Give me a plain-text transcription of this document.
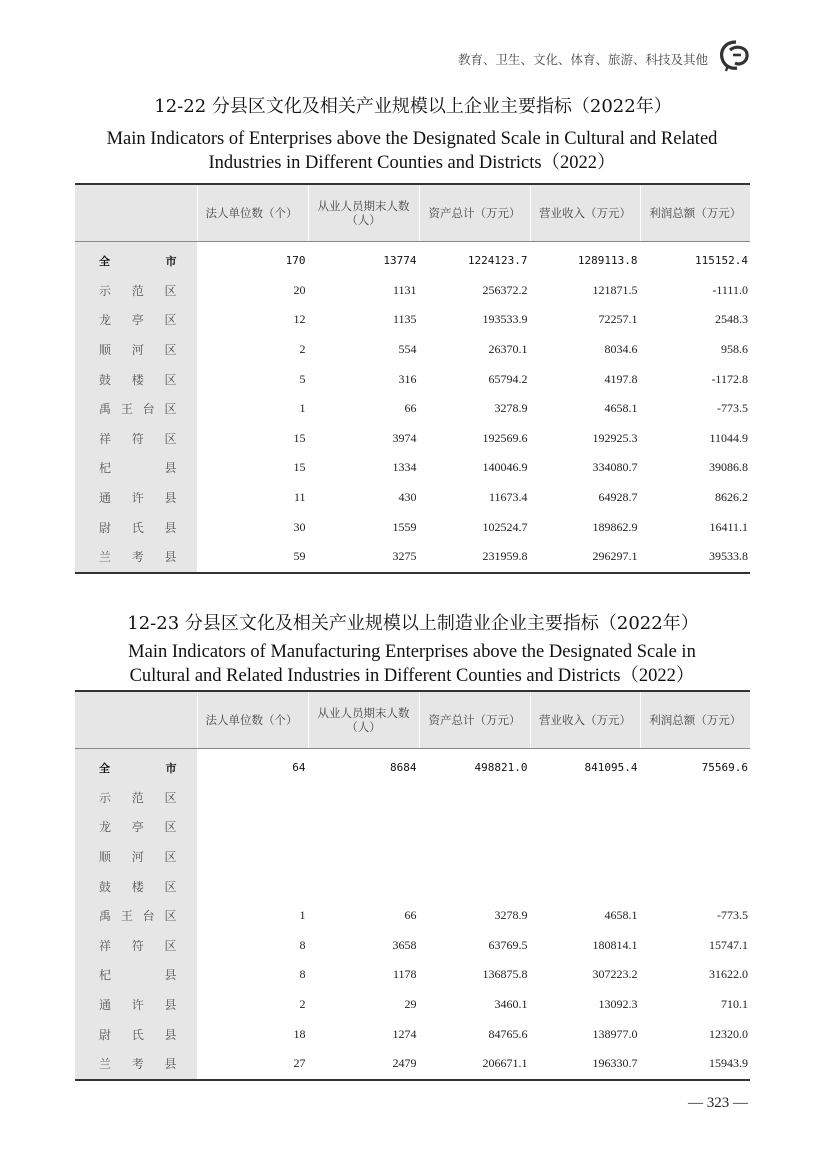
教育、卫生、文化、体育、旅游、科技及其他
12-22 分县区文化及相关产业规模以上企业主要指标（2022年）
Main Indicators of Enterprises above the Designated Scale in Cultural and Related
Industries in Different Counties and Districts（2022）
	法人单位数（个）	从业人员期末人数（人）	资产总计（万元）	营业收入（万元）	利润总额（万元）

全 市	170	13774	1224123.7	1289113.8	115152.4

示 范 区	20	1131	256372.2	121871.5	-1111.0

龙 亭 区	12	1135	193533.9	72257.1	2548.3

顺 河 区	2	554	26370.1	8034.6	958.6

鼓 楼 区	5	316	65794.2	4197.8	-1172.8

禹 王 台 区	1	66	3278.9	4658.1	-773.5

祥 符 区	15	3974	192569.6	192925.3	11044.9

杞 县	15	1334	140046.9	334080.7	39086.8

通 许 县	11	430	11673.4	64928.7	8626.2

尉 氏 县	30	1559	102524.7	189862.9	16411.1

兰 考 县	59	3275	231959.8	296297.1	39533.8
12-23 分县区文化及相关产业规模以上制造业企业主要指标（2022年）
Main Indicators of Manufacturing Enterprises above the Designated Scale in
Cultural and Related Industries in Different Counties and Districts（2022）
	法人单位数（个）	从业人员期末人数（人）	资产总计（万元）	营业收入（万元）	利润总额（万元）

全 市	64	8684	498821.0	841095.4	75569.6

示 范 区					

龙 亭 区					

顺 河 区					

鼓 楼 区					

禹 王 台 区	1	66	3278.9	4658.1	-773.5

祥 符 区	8	3658	63769.5	180814.1	15747.1

杞 县	8	1178	136875.8	307223.2	31622.0

通 许 县	2	29	3460.1	13092.3	710.1

尉 氏 县	18	1274	84765.6	138977.0	12320.0

兰 考 县	27	2479	206671.1	196330.7	15943.9
— 323 —
